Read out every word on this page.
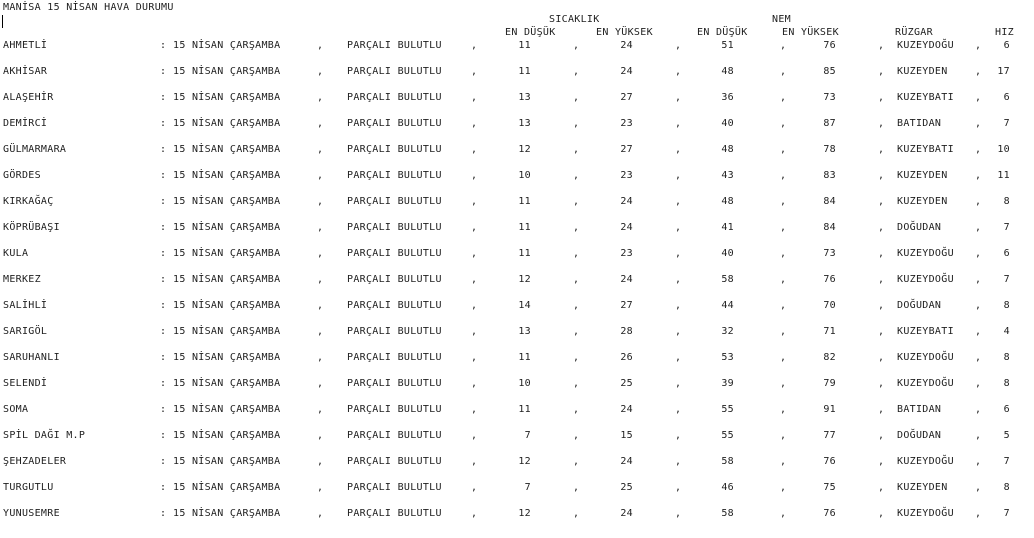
MANİSA 15 NİSAN HAVA DURUMU
SICAKLIK	NEM
EN DÜŞÜK	EN YÜKSEK	EN DÜŞÜK	EN YÜKSEK	RÜZGAR	HIZ
AHMETLİ	: 15 NİSAN ÇARŞAMBA	, PARÇALI BULUTLU	,	11	,	24	,	51	,	76	, KUZEYDOĞU ,	6
AKHİSAR	: 15 NİSAN ÇARŞAMBA	, PARÇALI BULUTLU	,	11	,	24	,	48	,	85	, KUZEYDEN	,	17
ALAŞEHİR	: 15 NİSAN ÇARŞAMBA	, PARÇALI BULUTLU	,	13	,	27	,	36	,	73	, KUZEYBATI ,	6
DEMİRCİ	: 15 NİSAN ÇARŞAMBA	, PARÇALI BULUTLU	,	13	,	23	,	40	,	87	, BATIDAN	,	7
GÜLMARMARA	: 15 NİSAN ÇARŞAMBA	, PARÇALI BULUTLU	,	12	,	27	,	48	,	78	, KUZEYBATI ,	10
GÖRDES	: 15 NİSAN ÇARŞAMBA	, PARÇALI BULUTLU	,	10	,	23	,	43	,	83	, KUZEYDEN	,	11
KIRKAĞAÇ	: 15 NİSAN ÇARŞAMBA	, PARÇALI BULUTLU	,	11	,	24	,	48	,	84	, KUZEYDEN	,	8
KÖPRÜBAŞI	: 15 NİSAN ÇARŞAMBA	, PARÇALI BULUTLU	,	11	,	24	,	41	,	84	, DOĞUDAN	,	7
KULA	: 15 NİSAN ÇARŞAMBA	, PARÇALI BULUTLU	,	11	,	23	,	40	,	73	, KUZEYDOĞU ,	6
MERKEZ	: 15 NİSAN ÇARŞAMBA	, PARÇALI BULUTLU	,	12	,	24	,	58	,	76	, KUZEYDOĞU ,	7
SALİHLİ	: 15 NİSAN ÇARŞAMBA	, PARÇALI BULUTLU	,	14	,	27	,	44	,	70	, DOĞUDAN	,	8
SARIGÖL	: 15 NİSAN ÇARŞAMBA	, PARÇALI BULUTLU	,	13	,	28	,	32	,	71	, KUZEYBATI ,	4
SARUHANLI	: 15 NİSAN ÇARŞAMBA	, PARÇALI BULUTLU	,	11	,	26	,	53	,	82	, KUZEYDOĞU ,	8
SELENDİ	: 15 NİSAN ÇARŞAMBA	, PARÇALI BULUTLU	,	10	,	25	,	39	,	79	, KUZEYDOĞU ,	8
SOMA	: 15 NİSAN ÇARŞAMBA	, PARÇALI BULUTLU	,	11	,	24	,	55	,	91	, BATIDAN	,	6
SPİL DAĞI M.P	: 15 NİSAN ÇARŞAMBA	, PARÇALI BULUTLU	,	7	,	15	,	55	,	77	, DOĞUDAN	,	5
ŞEHZADELER	: 15 NİSAN ÇARŞAMBA	, PARÇALI BULUTLU	,	12	,	24	,	58	,	76	, KUZEYDOĞU ,	7
TURGUTLU	: 15 NİSAN ÇARŞAMBA	, PARÇALI BULUTLU	,	7	,	25	,	46	,	75	, KUZEYDEN	,	8
YUNUSEMRE	: 15 NİSAN ÇARŞAMBA	, PARÇALI BULUTLU	,	12	,	24	,	58	,	76	, KUZEYDOĞU ,	7
